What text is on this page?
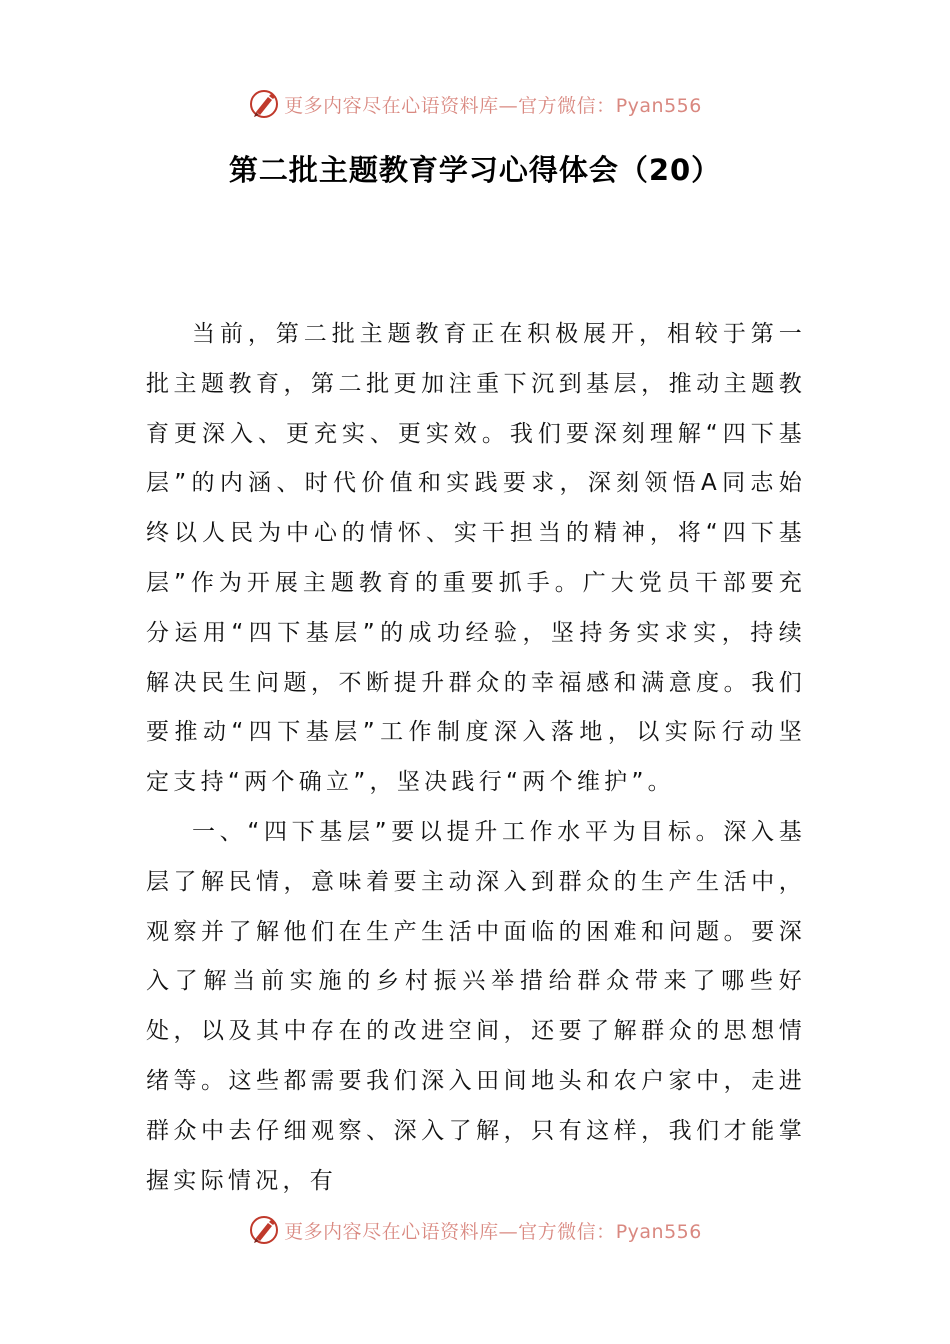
更多内容尽在心语资料库—官方微信：Pyan556
第二批主题教育学习心得体会（20）

当前，第二批主题教育正在积极展开，相较于第一批主题教育，第二批更加注重下沉到基层，推动主题教育更深入、更充实、更实效。我们要深刻理解“四下基层”的内涵、时代价值和实践要求，深刻领悟A同志始终以人民为中心的情怀、实干担当的精神，将“四下基层”作为开展主题教育的重要抓手。广大党员干部要充分运用“四下基层”的成功经验，坚持务实求实，持续解决民生问题，不断提升群众的幸福感和满意度。我们要推动“四下基层”工作制度深入落地，以实际行动坚定支持“两个确立”，坚决践行“两个维护”。

一、“四下基层”要以提升工作水平为目标。深入基层了解民情，意味着要主动深入到群众的生产生活中，观察并了解他们在生产生活中面临的困难和问题。要深入了解当前实施的乡村振兴举措给群众带来了哪些好处，以及其中存在的改进空间，还要了解群众的思想情绪等。这些都需要我们深入田间地头和农户家中，走进群众中去仔细观察、深入了解，只有这样，我们才能掌握实际情况，有

更多内容尽在心语资料库—官方微信：Pyan556
